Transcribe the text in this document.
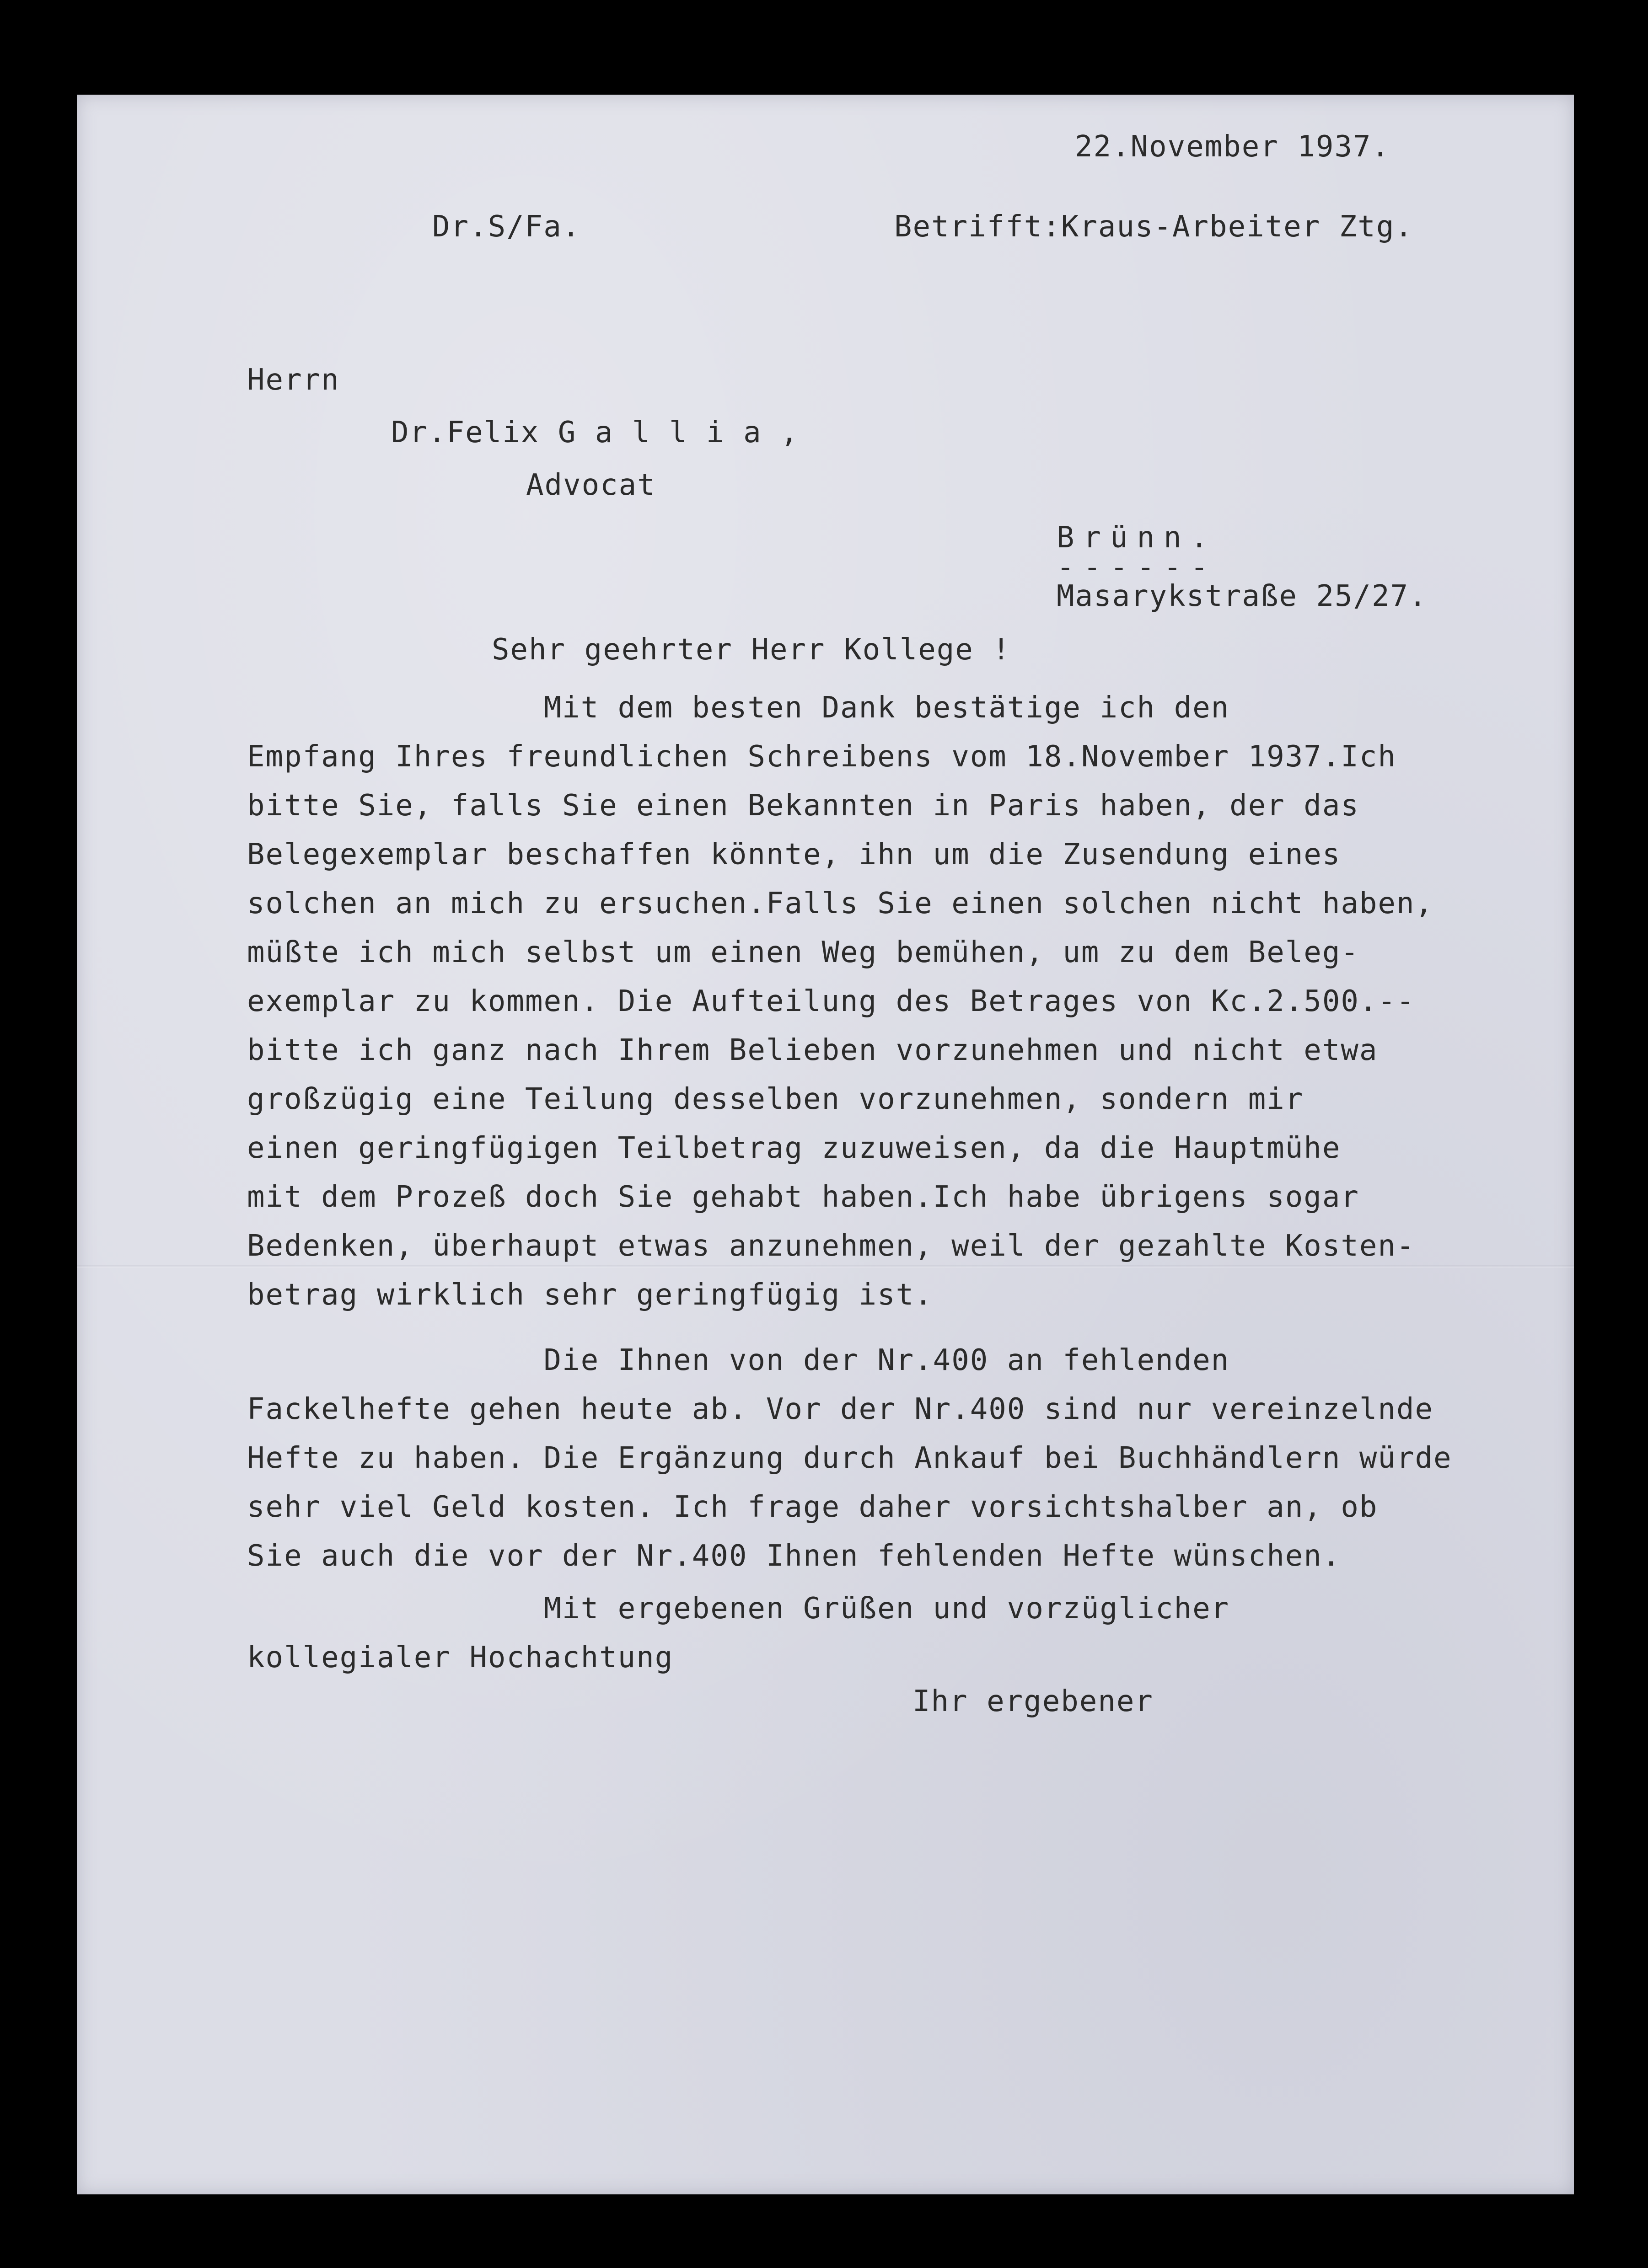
22.November 1937.
Dr.S/Fa.	Betrifft:Kraus-Arbeiter Ztg.
Herrn
Dr.Felix G a l l i a ,
Advocat
Brünn.
------
Masarykstraße 25/27.
Sehr geehrter Herr Kollege !
Mit dem besten Dank bestätige ich den
Empfang Ihres freundlichen Schreibens vom 18.November 1937.Ich
bitte Sie, falls Sie einen Bekannten in Paris haben, der das
Belegexemplar beschaffen könnte, ihn um die Zusendung eines
solchen an mich zu ersuchen.Falls Sie einen solchen nicht haben,
müßte ich mich selbst um einen Weg bemühen, um zu dem Beleg-
exemplar zu kommen. Die Aufteilung des Betrages von Kc.2.500.--
bitte ich ganz nach Ihrem Belieben vorzunehmen und nicht etwa
großzügig eine Teilung desselben vorzunehmen, sondern mir
einen geringfügigen Teilbetrag zuzuweisen, da die Hauptmühe
mit dem Prozeß doch Sie gehabt haben.Ich habe übrigens sogar
Bedenken, überhaupt etwas anzunehmen, weil der gezahlte Kosten-
betrag wirklich sehr geringfügig ist.
Die Ihnen von der Nr.400 an fehlenden
Fackelhefte gehen heute ab. Vor der Nr.400 sind nur vereinzelnde
Hefte zu haben. Die Ergänzung durch Ankauf bei Buchhändlern würde
sehr viel Geld kosten. Ich frage daher vorsichtshalber an, ob
Sie auch die vor der Nr.400 Ihnen fehlenden Hefte wünschen.
Mit ergebenen Grüßen und vorzüglicher
kollegialer Hochachtung
Ihr ergebener
